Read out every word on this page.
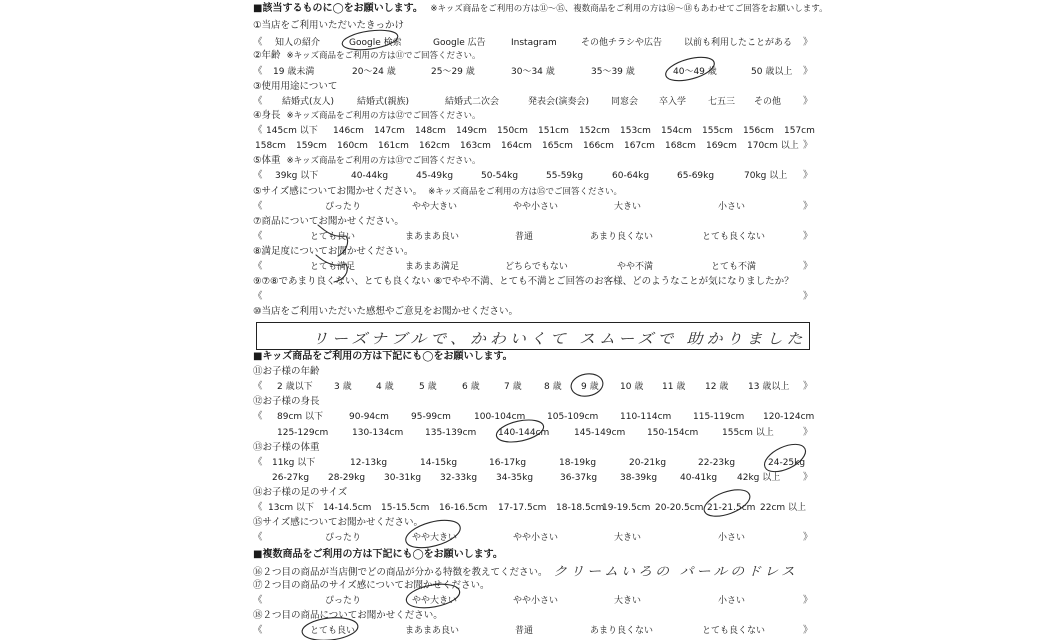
■該当するものに◯をお願いします。 ※キッズ商品をご利用の方は⑪〜⑮、複数商品をご利用の方は⑯〜⑱もあわせてご回答をお願いします。
①当店をご利用いただいたきっかけ
《 知人の紹介	Google 検索	Google 広告	Instagram	その他チラシや広告 以前も利用したことがある 》
②年齢 ※キッズ商品をご利用の方は⑪でご回答ください。
《 19 歳未満	20〜24 歳	25〜29 歳	30〜34 歳	35〜39 歳	40〜49 歳	50 歳以上 》
③使用用途について
《 結婚式(友人)	結婚式(親族)	結婚式二次会	発表会(演奏会) 同窓会 卒入学 七五三 その他 》
④身長 ※キッズ商品をご利用の方は⑫でご回答ください。
《 145cm 以下 146cm 147cm 148cm 149cm 150cm 151cm 152cm 153cm 154cm 155cm 156cm 157cm
158cm 159cm 160cm 161cm 162cm 163cm 164cm 165cm 166cm 167cm 168cm 169cm 170cm 以上 》
⑤体重 ※キッズ商品をご利用の方は⑬でご回答ください。
《 39kg 以下	40-44kg	45-49kg	50-54kg	55-59kg	60-64kg	65-69kg	70kg 以上 》
⑤サイズ感についてお聞かせください。 ※キッズ商品をご利用の方は⑮でご回答ください。
《	ぴったり	やや大きい	やや小さい	大きい	小さい	》
⑦商品についてお聞かせください。
《	とても良い	まあまあ良い	普通	あまり良くない	とても良くない	》
⑧満足度についてお聞かせください。
《	とても満足	まあまあ満足	どちらでもない	やや不満	とても不満	》
⑨⑦⑧であまり良くない、とても良くない ⑧でやや不満、とても不満とご回答のお客様、どのようなことが気になりましたか？
《	》
⑩当店をご利用いただいた感想やご意見をお聞かせください。
⑪お子様の年齢
《 2 歳以下 3 歳	4 歳	5 歳	6 歳	7 歳 8 歳 9 歳 10 歳 11 歳 12 歳 13 歳以上 》
⑫お子様の身長
《 89cm 以下	90-94cm 95-99cm	100-104cm 105-109cm 110-114cm 115-119cm 120-124cm
125-129cm	130-134cm 135-139cm 140-144cm	145-149cm 150-154cm	155cm 以上	》
⑬お子様の体重
《 11kg 以下	12-13kg	14-15kg	16-17kg	18-19kg	20-21kg	22-23kg	24-25kg
26-27kg 28-29kg 30-31kg 32-33kg 34-35kg	36-37kg	38-39kg	40-41kg 42kg 以上 》
⑭お子様の足のサイズ
《 13cm 以下 14-14.5cm 15-15.5cm 16-16.5cm 17-17.5cm 18-18.5cm
19-19.5cm 20-20.5cm 21-21.5cm 22cm 以上
⑮サイズ感についてお聞かせください。
《	ぴったり	やや大きい	やや小さい	大きい	小さい	》
⑯２つ目の商品が当店側でどの商品が分かる特徴を教えてください。
⑰２つ目の商品のサイズ感についてお聞かせください。
《	ぴったり	やや大きい	やや小さい	大きい	小さい	》
⑱２つ目の商品についてお聞かせください。
《	とても良い	まあまあ良い	普通	あまり良くない	とても良くない	》
■キッズ商品をご利用の方は下記にも◯をお願いします。
■複数商品をご利用の方は下記にも◯をお願いします。
リーズナブルで、かわいくて スムーズで 助かりました
クリームいろの パールのドレス
